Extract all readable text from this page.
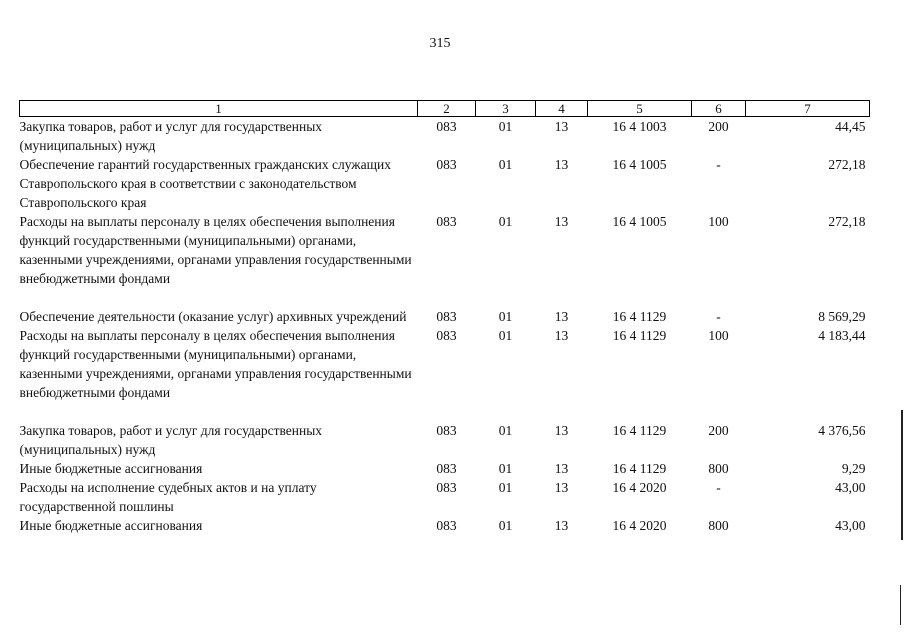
315
1	2	3	4	5	6	7
Закупка товаров, работ и услуг для государственных (муниципальных) нужд	083	01	13	16 4 1003	200	44,45
Обеспечение гарантий государственных гражданских служащих Ставропольского края в соответствии с законодательством Ставропольского края	083	01	13	16 4 1005	-	272,18
Расходы на выплаты персоналу в целях обеспечения выполнения функций государственными (муниципальными) органами, казенными учреждениями, органами управления государственными внебюджетными фондами	083	01	13	16 4 1005	100	272,18
Обеспечение деятельности (оказание услуг) архивных учреждений	083	01	13	16 4 1129	-	8 569,29
Расходы на выплаты персоналу в целях обеспечения выполнения функций государственными (муниципальными) органами, казенными учреждениями, органами управления государственными внебюджетными фондами	083	01	13	16 4 1129	100	4 183,44
Закупка товаров, работ и услуг для государственных (муниципальных) нужд	083	01	13	16 4 1129	200	4 376,56
Иные бюджетные ассигнования	083	01	13	16 4 1129	800	9,29
Расходы на исполнение судебных актов и на уплату государственной пошлины	083	01	13	16 4 2020	-	43,00
Иные бюджетные ассигнования	083	01	13	16 4 2020	800	43,00
